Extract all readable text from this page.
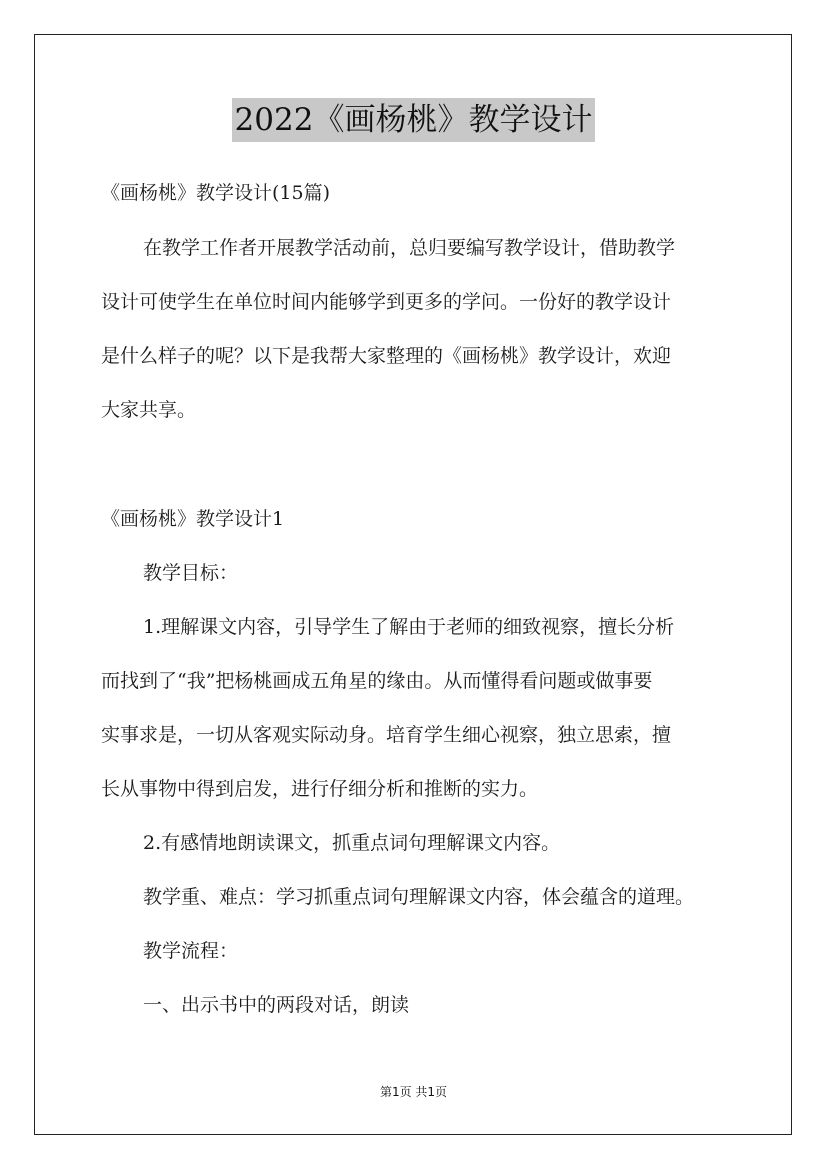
2022《画杨桃》教学设计
《画杨桃》教学设计(15篇)
在教学工作者开展教学活动前，总归要编写教学设计，借助教学
设计可使学生在单位时间内能够学到更多的学问。一份好的教学设计
是什么样子的呢？以下是我帮大家整理的《画杨桃》教学设计，欢迎
大家共享。
《画杨桃》教学设计1
教学目标：
1.理解课文内容，引导学生了解由于老师的细致视察，擅长分析
而找到了“我”把杨桃画成五角星的缘由。从而懂得看问题或做事要
实事求是，一切从客观实际动身。培育学生细心视察，独立思索，擅
长从事物中得到启发，进行仔细分析和推断的实力。
2.有感情地朗读课文，抓重点词句理解课文内容。
教学重、难点：学习抓重点词句理解课文内容，体会蕴含的道理。
教学流程：
一、出示书中的两段对话，朗读
第1页 共1页
